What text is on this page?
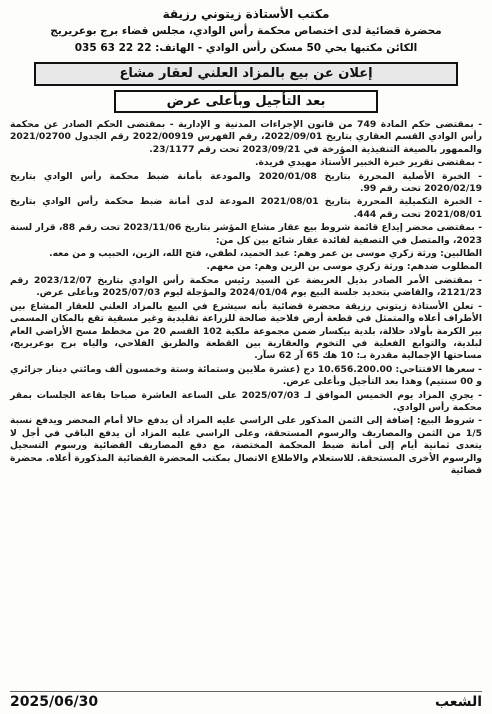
مكتب الأستاذة زيتوني رزيقة
محضرة قضائية لدى اختصاص محكمة رأس الوادي، مجلس قضاء برج بوعريريج
الكائن مكتبها بحي 50 مسكن رأس الوادي - الهاتف: 22 22 63 035
إعلان عن بيع بالمزاد العلني لعقار مشاع
بعد التأجيل وبأعلى عرض

- بمقتضى حكم المادة 749 من قانون الإجراءات المدنية و الإدارية - بمقتضى الحكم الصادر عن محكمة رأس الوادي القسم العقاري بتاريخ 2022/09/01، رقم الفهرس 2022/00919 رقم الجدول 2021/02700 والممهور بالصيغة التنفيذية المؤرخة في 2023/09/21 تحت رقم 23/1177.

- بمقتضى تقرير خبرة الخبير الأستاذ مهيدي فريدة.

- الخبرة الأصلية المحررة بتاريخ 2020/01/08 والمودعة بأمانة ضبط محكمة رأس الوادي بتاريخ 2020/02/19 تحت رقم 99.

- الخبرة التكميلية المحررة بتاريخ 2021/08/01 المودعة لدى أمانة ضبط محكمة رأس الوادي بتاريخ 2021/08/01 تحت رقم 444.

- بمقتضى محضر إيداع قائمة شروط بيع عقار مشاع المؤشر بتاريخ 2023/11/06 تحت رقم 88، قرار لسنة 2023، والمتصل في التصفية لفائدة عقار شائع بين كل من:

الطالبين: ورثة زكري موسى بن عمر وهم: عبد الحميد، لطفي، فتح الله، الزين، الحبيب و من معه.

المطلوب ضدهم: ورثة زكري موسى بن الزين وهم: من معهم.

- بمقتضى الأمر الصادر بذيل العريضة عن السيد رئيس محكمة رأس الوادي بتاريخ 2023/12/07 رقم 2121/23، والقاضي بتحديد جلسة البيع يوم 2024/01/04 والمؤجلة ليوم 2025/07/03 وبأعلى عرض.

- تعلن الأستاذة زيتوني رزيقة محضرة قضائية بأنه سيشرع في البيع بالمزاد العلني للعقار المشاع بين الأطراف أعلاه والمتمثل في قطعة أرض فلاحية صالحة للزراعة تقليدية وغير مسقية تقع بالمكان المسمى بير الكرمة بأولاد حلالة، بلدية بيكسار ضمن مجموعة ملكية 102 القسم 20 من مخطط مسح الأراضي العام لبلدية، والتوابع الفعلية في التخوم والعقارية بين القطعة والطريق الفلاحي، والياه برج بوعريريج، مساحتها الإجمالية مقدرة بـ: 10 هك 65 آر 62 سآر.

- سعرها الافتتاحي: 10.656.200.00 دج (عشرة ملايين وستمائة وستة وخمسون ألف ومائتي دينار جزائري و 00 سنتيم) وهذا بعد التأجيل وبأعلى عرض.

- يجري المزاد يوم الخميس الموافق لـ 2025/07/03 على الساعة العاشرة صباحا بقاعة الجلسات بمقر محكمة رأس الوادي.

- شروط البيع: إضافة إلى الثمن المذكور على الراسي عليه المزاد أن يدفع حالا أمام المحضر ويدفع نسبة 1/5 من الثمن والمصاريف والرسوم المستحقة، وعلى الراسي عليه المزاد أن يدفع الباقي في أجل لا يتعدى ثمانية أيام إلى أمانة ضبط المحكمة المختصة، مع دفع المصاريف القضائية ورسوم التسجيل والرسوم الأخرى المستحقة. للاستعلام والاطلاع الاتصال بمكتب المحضرة القضائية المذكورة أعلاه. محضرة قضائية

2025/06/30	الشعب
